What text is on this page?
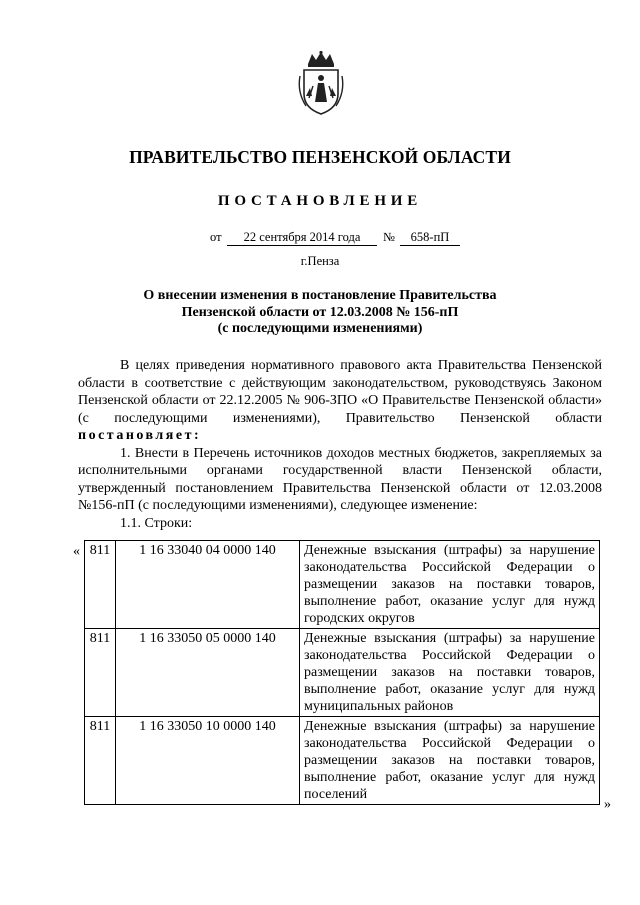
ПРАВИТЕЛЬСТВО ПЕНЗЕНСКОЙ ОБЛАСТИ
ПОСТАНОВЛЕНИЕ
от	22 сентября 2014 года	№	658-пП
г.Пенза
О внесении изменения в постановление Правительства
Пензенской области от 12.03.2008 № 156-пП
(с последующими изменениями)

В целях приведения нормативного правового акта Правительства Пензенской области в соответствие с действующим законодательством, руководствуясь Законом Пензенской области от 22.12.2005 № 906-ЗПО «О Правительстве Пензенской области» (с последующими изменениями), Правительство Пензенской области постановляет:

1. Внести в Перечень источников доходов местных бюджетов, закрепляемых за исполнительными органами государственной власти Пензенской области, утвержденный постановлением Правительства Пензенской области от 12.03.2008 №156-пП (с последующими изменениями), следующее изменение:

1.1. Строки:

« 811	1 16 33040 04 0000 140	Денежные взыскания (штрафы) за нарушение законодательства Российской Федерации о размещении заказов на поставки товаров, выполнение работ, оказание услуг для нужд городских округов
811	1 16 33050 05 0000 140	Денежные взыскания (штрафы) за нарушение законодательства Российской Федерации о размещении заказов на поставки товаров, выполнение работ, оказание услуг для нужд муниципальных районов
811	1 16 33050 10 0000 140	Денежные взыскания (штрафы) за нарушение законодательства Российской Федерации о размещении заказов на поставки товаров, выполнение работ, оказание услуг для нужд поселений
»
